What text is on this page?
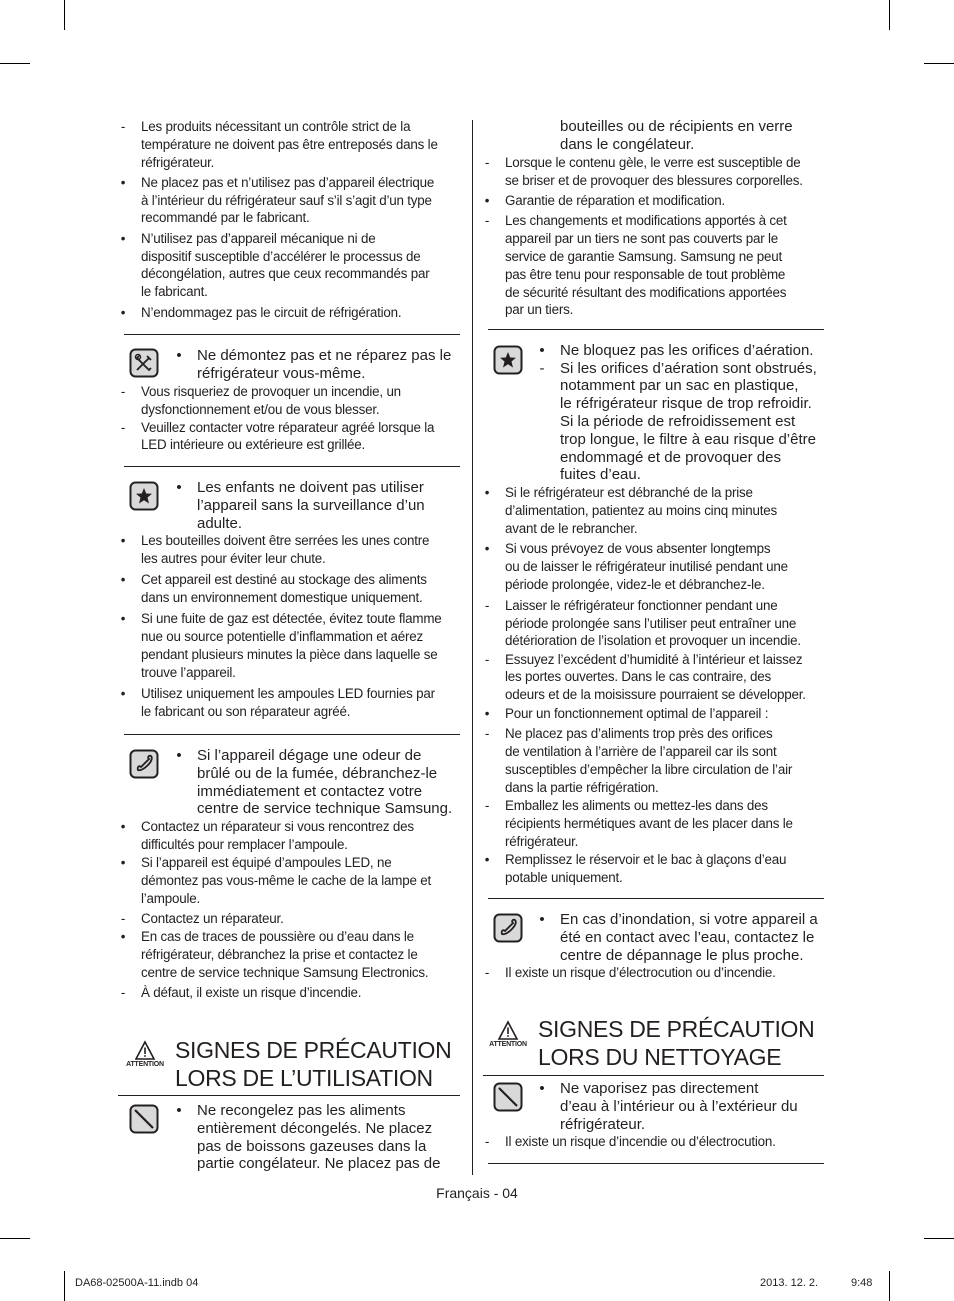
-	Les produits nécessitant un contrôle strict de la
température ne doivent pas être entreposés dans le
réfrigérateur.
•	Ne placez pas et n’utilisez pas d’appareil électrique
à l’intérieur du réfrigérateur sauf s’il s’agit d’un type
recommandé par le fabricant.
•	N’utilisez pas d’appareil mécanique ni de
dispositif susceptible d’accélérer le processus de
décongélation, autres que ceux recommandés par
le fabricant.
•	N’endommagez pas le circuit de réfrigération.
• Ne démontez pas et ne réparez pas le
réfrigérateur vous-même.
-	Vous risqueriez de provoquer un incendie, un
dysfonctionnement et/ou de vous blesser.
-	Veuillez contacter votre réparateur agréé lorsque la
LED intérieure ou extérieure est grillée.
• Les enfants ne doivent pas utiliser
l’appareil sans la surveillance d’un
adulte.
•	Les bouteilles doivent être serrées les unes contre
les autres pour éviter leur chute.
•	Cet appareil est destiné au stockage des aliments
dans un environnement domestique uniquement.
•	Si une fuite de gaz est détectée, évitez toute flamme
nue ou source potentielle d’inflammation et aérez
pendant plusieurs minutes la pièce dans laquelle se
trouve l’appareil.
•	Utilisez uniquement les ampoules LED fournies par
le fabricant ou son réparateur agréé.
• Si l’appareil dégage une odeur de
brûlé ou de la fumée, débranchez-le
immédiatement et contactez votre
centre de service technique Samsung.
•	Contactez un réparateur si vous rencontrez des
difficultés pour remplacer l’ampoule.
•	Si l’appareil est équipé d’ampoules LED, ne
démontez pas vous-même le cache de la lampe et
l’ampoule.
-	Contactez un réparateur.
•	En cas de traces de poussière ou d’eau dans le
réfrigérateur, débranchez la prise et contactez le
centre de service technique Samsung Electronics.
-	À défaut, il existe un risque d’incendie.
ATTENTION
SIGNES DE PRÉCAUTION
LORS DE L’UTILISATION
• Ne recongelez pas les aliments
entièrement décongelés. Ne placez
pas de boissons gazeuses dans la
partie congélateur. Ne placez pas de
bouteilles ou de récipients en verre
dans le congélateur.
-	Lorsque le contenu gèle, le verre est susceptible de
se briser et de provoquer des blessures corporelles.
•	Garantie de réparation et modification.
-	Les changements et modifications apportés à cet
appareil par un tiers ne sont pas couverts par le
service de garantie Samsung. Samsung ne peut
pas être tenu pour responsable de tout problème
de sécurité résultant des modifications apportées
par un tiers.
• Ne bloquez pas les orifices d’aération.
-	Si les orifices d’aération sont obstrués,
notamment par un sac en plastique,
le réfrigérateur risque de trop refroidir.
Si la période de refroidissement est
trop longue, le filtre à eau risque d’être
endommagé et de provoquer des
fuites d’eau.
•	Si le réfrigérateur est débranché de la prise
d’alimentation, patientez au moins cinq minutes
avant de le rebrancher.
•	Si vous prévoyez de vous absenter longtemps
ou de laisser le réfrigérateur inutilisé pendant une
période prolongée, videz-le et débranchez-le.
-	Laisser le réfrigérateur fonctionner pendant une
période prolongée sans l’utiliser peut entraîner une
détérioration de l’isolation et provoquer un incendie.
-	Essuyez l’excédent d’humidité à l’intérieur et laissez
les portes ouvertes. Dans le cas contraire, des
odeurs et de la moisissure pourraient se développer.
•	Pour un fonctionnement optimal de l’appareil :
-	Ne placez pas d’aliments trop près des orifices
de ventilation à l’arrière de l’appareil car ils sont
susceptibles d’empêcher la libre circulation de l’air
dans la partie réfrigération.
-	Emballez les aliments ou mettez-les dans des
récipients hermétiques avant de les placer dans le
réfrigérateur.
•	Remplissez le réservoir et le bac à glaçons d’eau
potable uniquement.
• En cas d’inondation, si votre appareil a
été en contact avec l’eau, contactez le
centre de dépannage le plus proche.
-	Il existe un risque d’électrocution ou d’incendie.
ATTENTION
SIGNES DE PRÉCAUTION
LORS DU NETTOYAGE
• Ne vaporisez pas directement
d’eau à l’intérieur ou à l’extérieur du
réfrigérateur.
-	Il existe un risque d’incendie ou d’électrocution.
Français - 04
DA68-02500A-11.indb 04	2013. 12. 2.	9:48
